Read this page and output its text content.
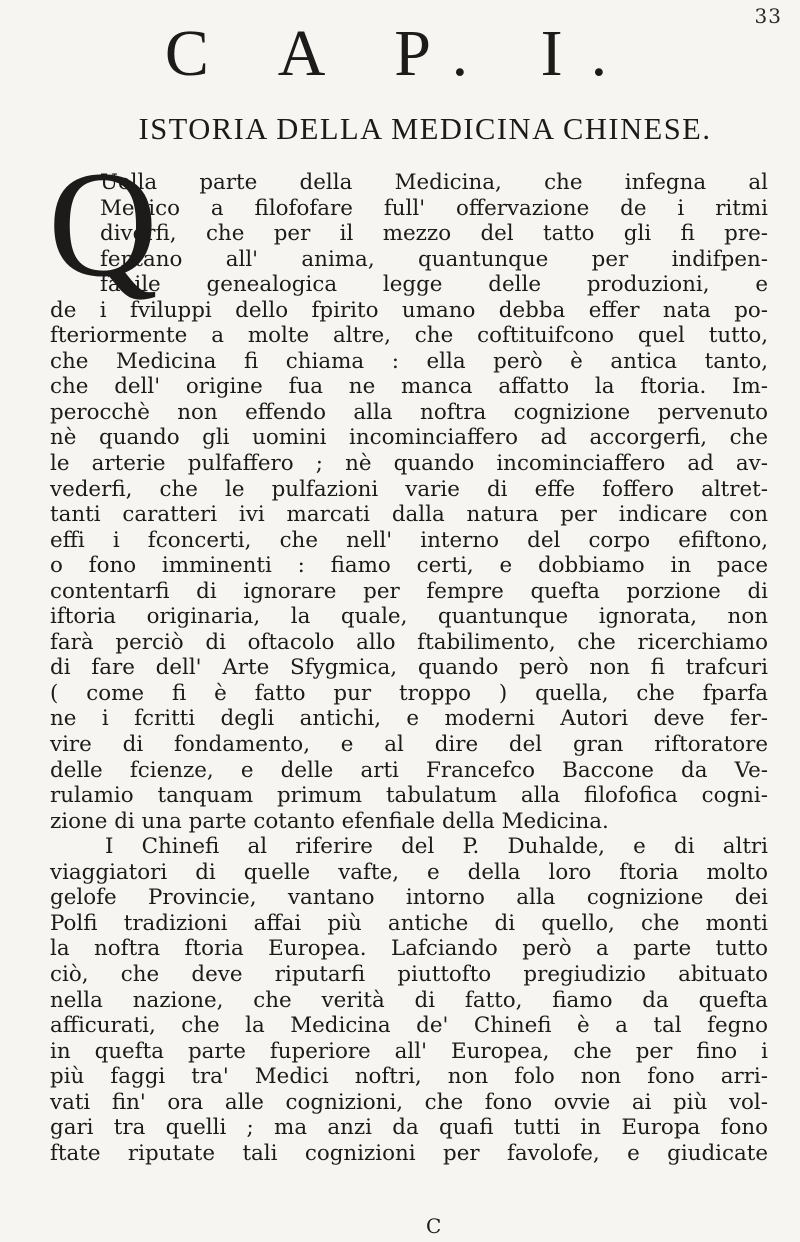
33
C A P. I.
ISTORIA DELLA MEDICINA CHINESE.
Q
Uella parte della Medicina, che infegna al
Medico a filofofare full' offervazione de i ritmi
diverfi, che per il mezzo del tatto gli fi pre-
fentano all' anima, quantunque per indifpen-
fabile genealogica legge delle produzioni, e
de i fviluppi dello fpirito umano debba effer nata po-
fteriormente a molte altre, che coftituifcono quel tutto,
che Medicina fi chiama : ella però è antica tanto,
che dell' origine fua ne manca affatto la ftoria. Im-
perocchè non effendo alla noftra cognizione pervenuto
nè quando gli uomini incominciaffero ad accorgerfi, che
le arterie pulfaffero ; nè quando incominciaffero ad av-
vederfi, che le pulfazioni varie di effe foffero altret-
tanti caratteri ivi marcati dalla natura per indicare con
effi i fconcerti, che nell' interno del corpo efiftono,
o fono imminenti : fiamo certi, e dobbiamo in pace
contentarfi di ignorare per fempre quefta porzione di
iftoria originaria, la quale, quantunque ignorata, non
farà perciò di oftacolo allo ftabilimento, che ricerchiamo
di fare dell' Arte Sfygmica, quando però non fi trafcuri
( come fi è fatto pur troppo ) quella, che fparfa
ne i fcritti degli antichi, e moderni Autori deve fer-
vire di fondamento, e al dire del gran riftoratore
delle fcienze, e delle arti Francefco Baccone da Ve-
rulamio tanquam primum tabulatum alla filofofica cogni-
zione di una parte cotanto efenfiale della Medicina.
I Chinefi al riferire del P. Duhalde, e di altri
viaggiatori di quelle vafte, e della loro ftoria molto
gelofe Provincie, vantano intorno alla cognizione dei
Polfi tradizioni affai più antiche di quello, che monti
la noftra ftoria Europea. Lafciando però a parte tutto
ciò, che deve riputarfi piuttofto pregiudizio abituato
nella nazione, che verità di fatto, fiamo da quefta
afficurati, che la Medicina de' Chinefi è a tal fegno
in quefta parte fuperiore all' Europea, che per fino i
più faggi tra' Medici noftri, non folo non fono arri-
vati fin' ora alle cognizioni, che fono ovvie ai più vol-
gari tra quelli ; ma anzi da quafi tutti in Europa fono
ftate riputate tali cognizioni per favolofe, e giudicate
C
